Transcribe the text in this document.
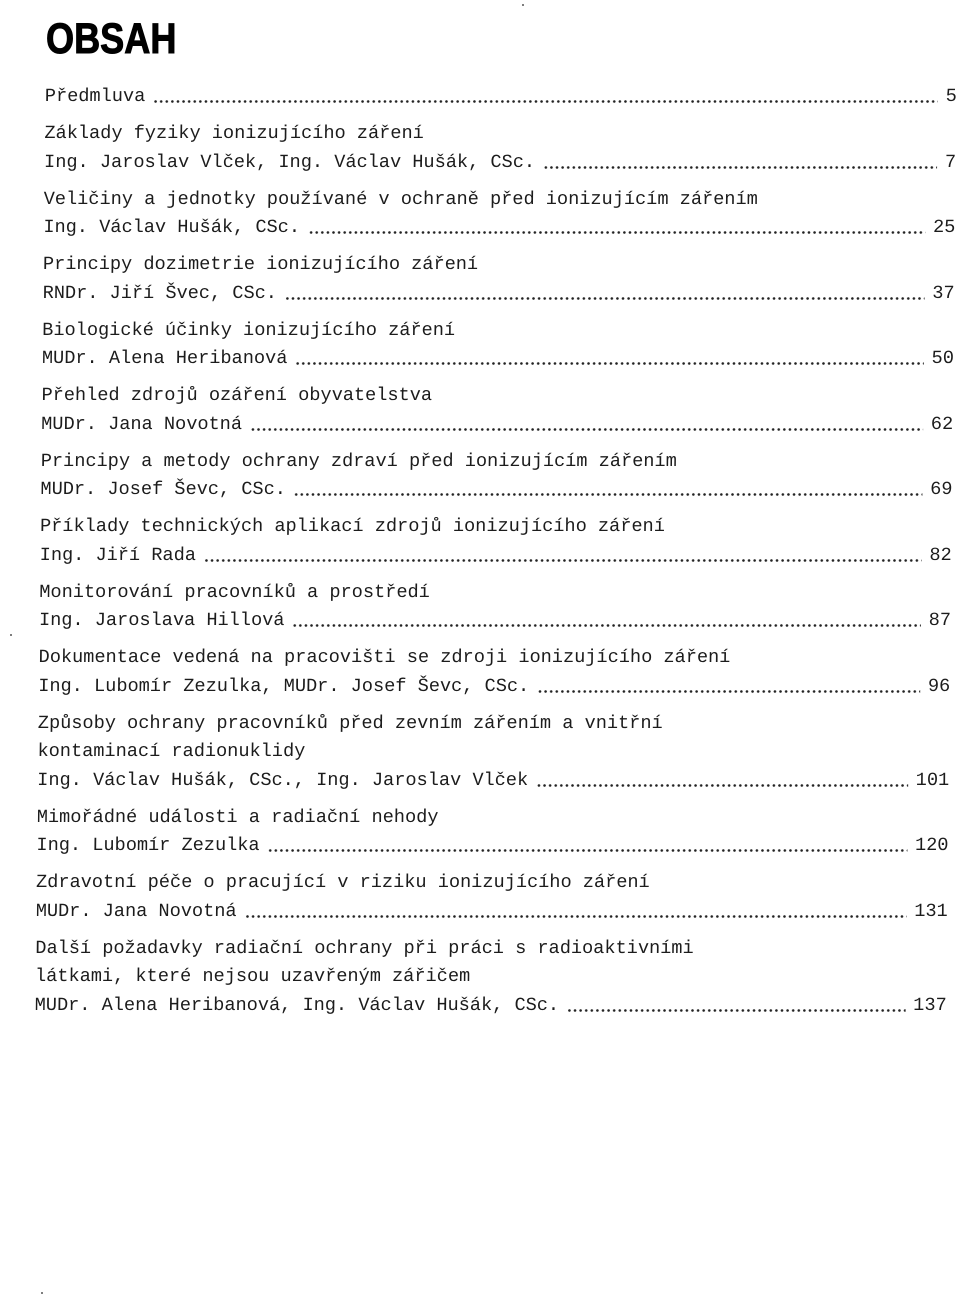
OBSAH
Předmluva	5
Základy fyziky ionizujícího záření
Ing. Jaroslav Vlček, Ing. Václav Hušák, CSc.	7
Veličiny a jednotky používané v ochraně před ionizujícím zářením
Ing. Václav Hušák, CSc.	25
Principy dozimetrie ionizujícího záření
RNDr. Jiří Švec, CSc.	37
Biologické účinky ionizujícího záření
MUDr. Alena Heribanová	50
Přehled zdrojů ozáření obyvatelstva
MUDr. Jana Novotná	62
Principy a metody ochrany zdraví před ionizujícím zářením
MUDr. Josef Ševc, CSc.	69
Příklady technických aplikací zdrojů ionizujícího záření
Ing. Jiří Rada	82
Monitorování pracovníků a prostředí
Ing. Jaroslava Hillová	87
Dokumentace vedená na pracovišti se zdroji ionizujícího záření
Ing. Lubomír Zezulka, MUDr. Josef Ševc, CSc.	96
Způsoby ochrany pracovníků před zevním zářením a vnitřní
kontaminací radionuklidy
Ing. Václav Hušák, CSc., Ing. Jaroslav Vlček	101
Mimořádné události a radiační nehody
Ing. Lubomír Zezulka	120
Zdravotní péče o pracující v riziku ionizujícího záření
MUDr. Jana Novotná	131
Další požadavky radiační ochrany při práci s radioaktivními
látkami, které nejsou uzavřeným zářičem
MUDr. Alena Heribanová, Ing. Václav Hušák, CSc.	137
